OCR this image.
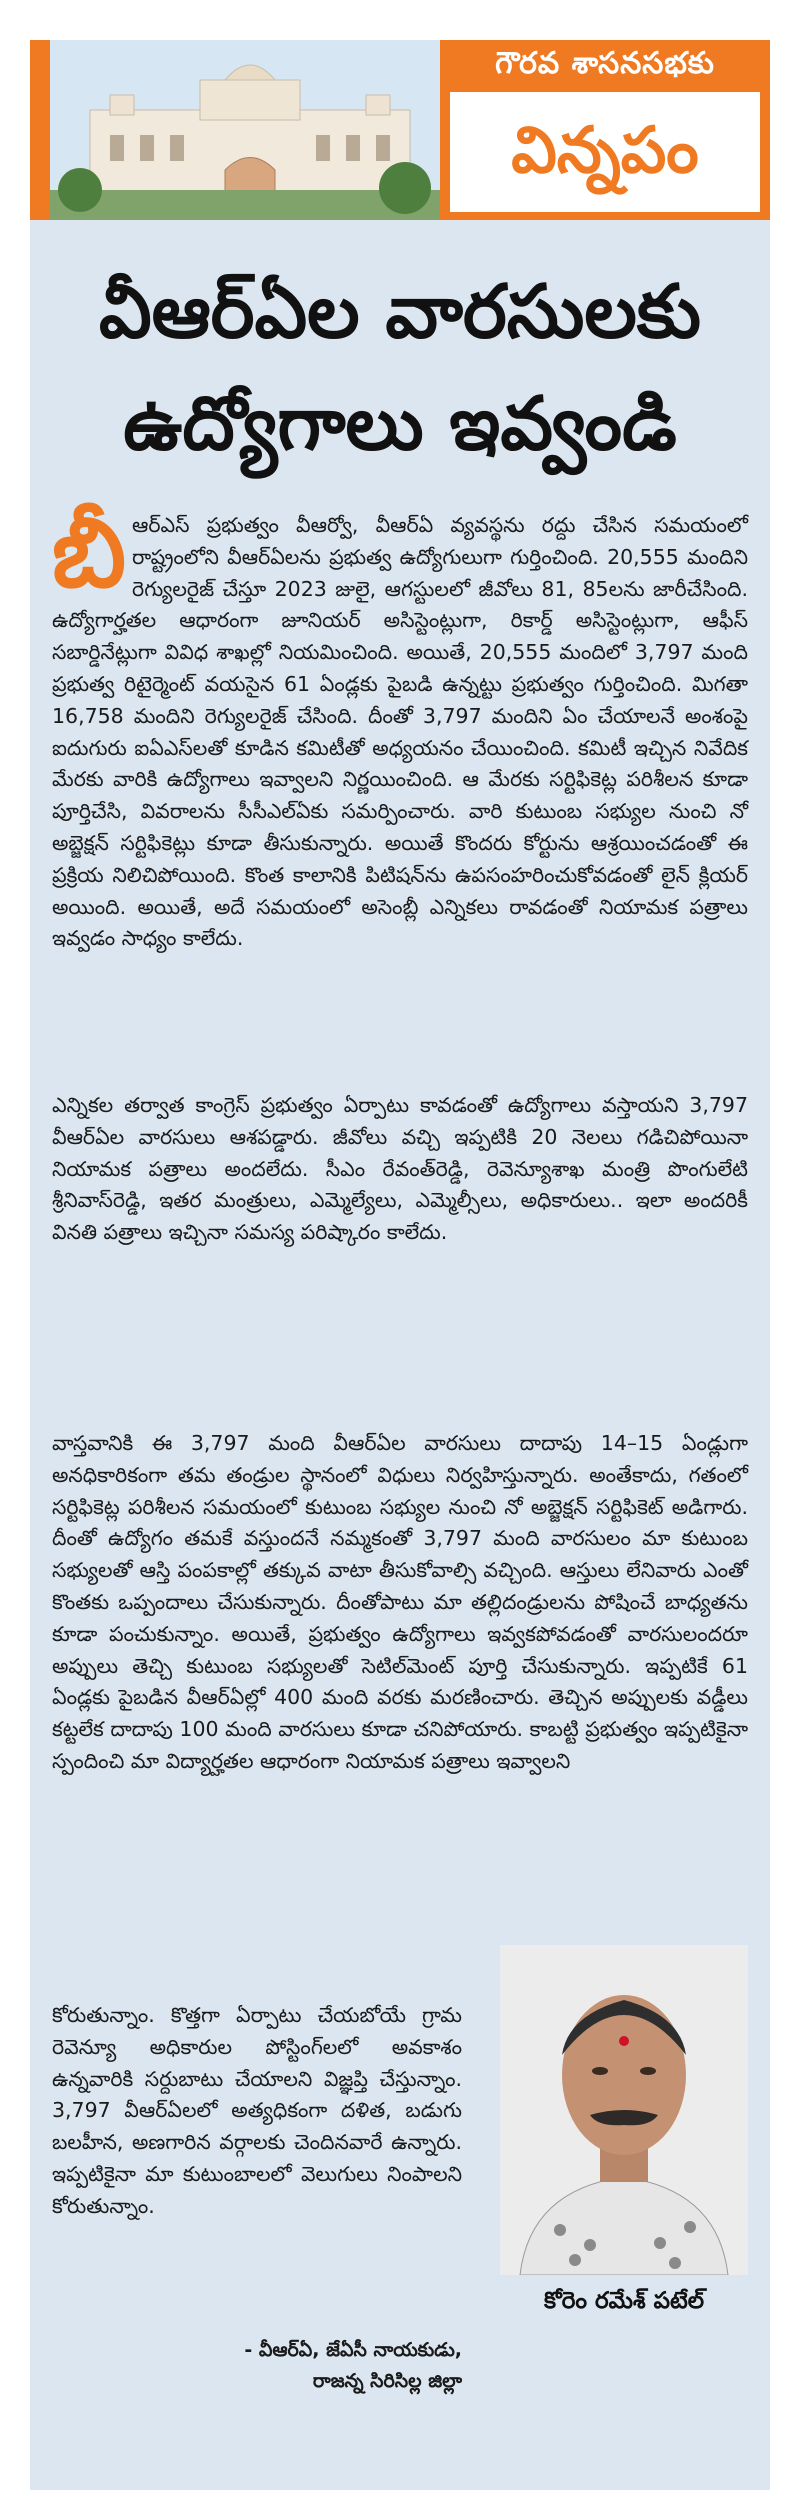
గౌరవ శాసనసభకు
విన్నపం
వీఆర్ఏల వారసులకు
ఉద్యోగాలు ఇవ్వండి
బీఆర్ఎస్ ప్రభుత్వం వీఆర్వో, వీఆర్ఏ వ్యవస్థను రద్దు చేసిన సమయంలో రాష్ట్రంలోని వీఆర్ఏలను ప్రభుత్వ ఉద్యోగులుగా గుర్తించింది. 20,555 మందిని రెగ్యులరైజ్ చేస్తూ 2023 జులై, ఆగస్టులలో జీవోలు 81, 85లను జారీచేసింది. ఉద్యోగార్హతల ఆధారంగా జూనియర్ అసిస్టెంట్లుగా, రికార్డ్ అసిస్టెంట్లుగా, ఆఫీస్ సబార్డినేట్లుగా వివిధ శాఖల్లో నియమించింది. అయితే, 20,555 మందిలో 3,797 మంది ప్రభుత్వ రిటైర్మెంట్ వయసైన 61 ఏండ్లకు పైబడి ఉన్నట్టు ప్రభుత్వం గుర్తించింది. మిగతా 16,758 మందిని రెగ్యులరైజ్ చేసింది. దీంతో 3,797 మందిని ఏం చేయాలనే అంశంపై ఐదుగురు ఐఏఎస్‌లతో కూడిన కమిటీతో అధ్యయనం చేయించింది. కమిటీ ఇచ్చిన నివేదిక మేరకు వారికి ఉద్యోగాలు ఇవ్వాలని నిర్ణయించింది. ఆ మేరకు సర్టిఫికెట్ల పరిశీలన కూడా పూర్తిచేసి, వివరాలను సీసీఎల్ఏకు సమర్పించారు. వారి కుటుంబ సభ్యుల నుంచి నో అబ్జెక్షన్ సర్టిఫికెట్లు కూడా తీసుకున్నారు. అయితే కొందరు కోర్టును ఆశ్రయించడంతో ఈ ప్రక్రియ నిలిచిపోయింది. కొంత కాలానికి పిటిషన్‌ను ఉపసంహరించుకోవడంతో లైన్ క్లియర్ అయింది. అయితే, అదే సమయంలో అసెంబ్లీ ఎన్నికలు రావడంతో నియామక పత్రాలు ఇవ్వడం సాధ్యం కాలేదు.
ఎన్నికల తర్వాత కాంగ్రెస్ ప్రభుత్వం ఏర్పాటు కావడంతో ఉద్యోగాలు వస్తాయని 3,797 వీఆర్ఏల వారసులు ఆశపడ్డారు. జీవోలు వచ్చి ఇప్పటికి 20 నెలలు గడిచిపోయినా నియామక పత్రాలు అందలేదు. సీఎం రేవంత్‌రెడ్డి, రెవెన్యూశాఖ మంత్రి పొంగులేటి శ్రీనివాస్‌రెడ్డి, ఇతర మంత్రులు, ఎమ్మెల్యేలు, ఎమ్మెల్సీలు, అధికారులు.. ఇలా అందరికీ వినతి పత్రాలు ఇచ్చినా సమస్య పరిష్కారం కాలేదు.
వాస్తవానికి ఈ 3,797 మంది వీఆర్ఏల వారసులు దాదాపు 14–15 ఏండ్లుగా అనధికారికంగా తమ తండ్రుల స్థానంలో విధులు నిర్వహిస్తున్నారు. అంతేకాదు, గతంలో సర్టిఫికెట్ల పరిశీలన సమయంలో కుటుంబ సభ్యుల నుంచి నో అబ్జెక్షన్ సర్టిఫికెట్ అడిగారు. దీంతో ఉద్యోగం తమకే వస్తుందనే నమ్మకంతో 3,797 మంది వారసులం మా కుటుంబ సభ్యులతో ఆస్తి పంపకాల్లో తక్కువ వాటా తీసుకోవాల్సి వచ్చింది. ఆస్తులు లేనివారు ఎంతో కొంతకు ఒప్పందాలు చేసుకున్నారు. దీంతోపాటు మా తల్లిదండ్రులను పోషించే బాధ్యతను కూడా పంచుకున్నాం. అయితే, ప్రభుత్వం ఉద్యోగాలు ఇవ్వకపోవడంతో వారసులందరూ అప్పులు తెచ్చి కుటుంబ సభ్యులతో సెటిల్‌మెంట్ పూర్తి చేసుకున్నారు. ఇప్పటికే 61 ఏండ్లకు పైబడిన వీఆర్ఏల్లో 400 మంది వరకు మరణించారు. తెచ్చిన అప్పులకు వడ్డీలు కట్టలేక దాదాపు 100 మంది వారసులు కూడా చనిపోయారు. కాబట్టి ప్రభుత్వం ఇప్పటికైనా స్పందించి మా విద్యార్హతల ఆధారంగా నియామక పత్రాలు ఇవ్వాలని
కోరుతున్నాం. కొత్తగా ఏర్పాటు చేయబోయే గ్రామ రెవెన్యూ అధికారుల పోస్టింగ్‌లలో అవకాశం ఉన్నవారికి సర్దుబాటు చేయాలని విజ్ఞప్తి చేస్తున్నాం. 3,797 వీఆర్ఏలలో అత్యధికంగా దళిత, బడుగు బలహీన, అణగారిన వర్గాలకు చెందినవారే ఉన్నారు. ఇప్పటికైనా మా కుటుంబాలలో వెలుగులు నింపాలని కోరుతున్నాం.
- వీఆర్ఏ, జేఏసీ నాయకుడు,
రాజన్న సిరిసిల్ల జిల్లా
కోరెం రమేశ్ పటేల్
